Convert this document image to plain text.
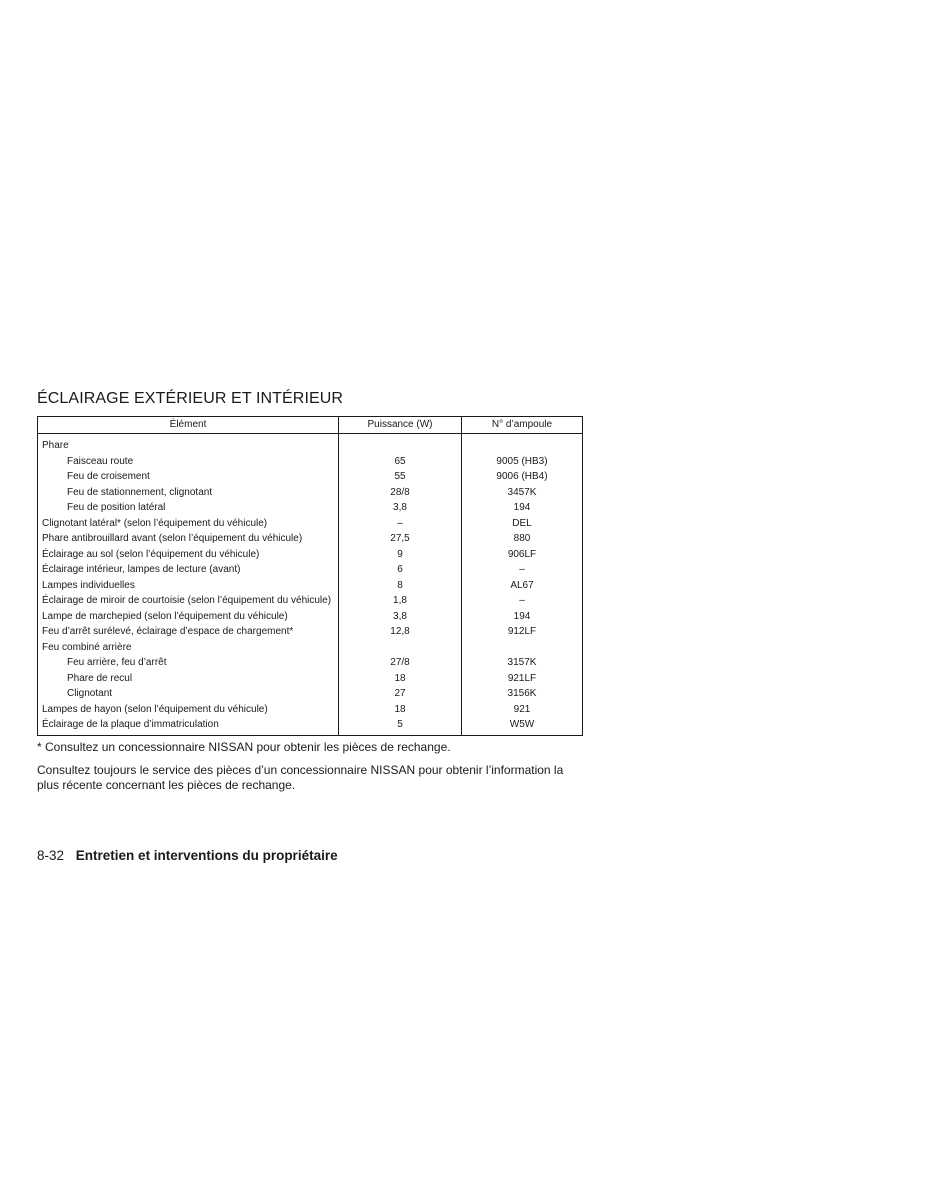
ÉCLAIRAGE EXTÉRIEUR ET INTÉRIEUR
Élément	Puissance (W)	N° d’ampoule
Phare		
Faisceau route	65	9005 (HB3)
Feu de croisement	55	9006 (HB4)
Feu de stationnement, clignotant	28/8	3457K
Feu de position latéral	3,8	194
Clignotant latéral* (selon l’équipement du véhicule)	–	DEL
Phare antibrouillard avant (selon l’équipement du véhicule)	27,5	880
Éclairage au sol (selon l’équipement du véhicule)	9	906LF
Éclairage intérieur, lampes de lecture (avant)	6	–
Lampes individuelles	8	AL67
Éclairage de miroir de courtoisie (selon l’équipement du véhicule)	1,8	–
Lampe de marchepied (selon l’équipement du véhicule)	3,8	194
Feu d’arrêt surélevé, éclairage d’espace de chargement*	12,8	912LF
Feu combiné arrière		
Feu arrière, feu d’arrêt	27/8	3157K
Phare de recul	18	921LF
Clignotant	27	3156K
Lampes de hayon (selon l’équipement du véhicule)	18	921
Éclairage de la plaque d’immatriculation	5	W5W

* Consultez un concessionnaire NISSAN pour obtenir les pièces de rechange.

Consultez toujours le service des pièces d’un concessionnaire NISSAN pour obtenir l’information la plus récente concernant les pièces de rechange.

8-32 Entretien et interventions du propriétaire
